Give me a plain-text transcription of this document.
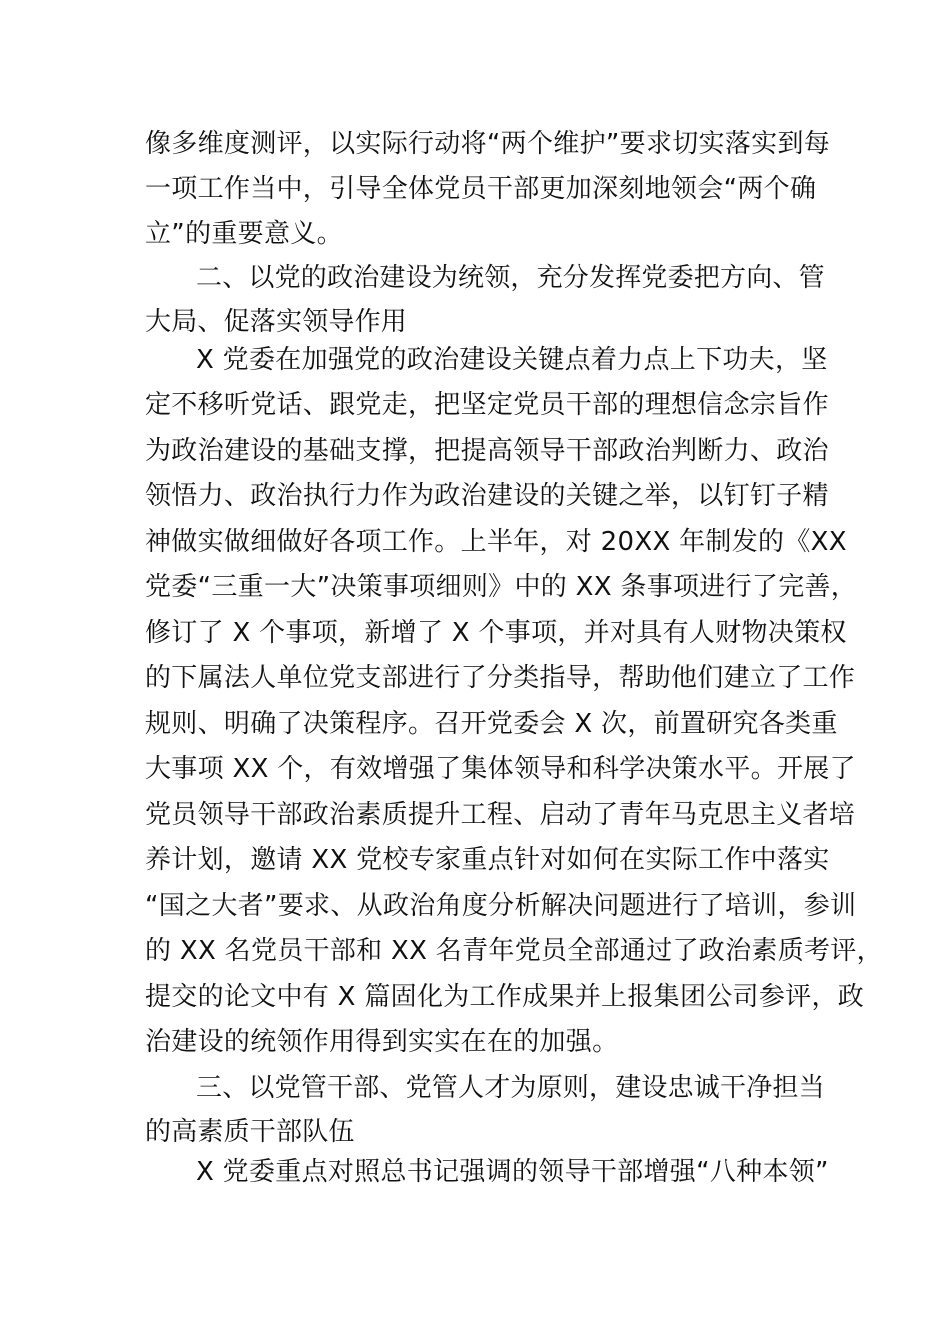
像多维度测评，以实际行动将“两个维护”要求切实落实到每
一项工作当中，引导全体党员干部更加深刻地领会“两个确
立”的重要意义。
二、以党的政治建设为统领，充分发挥党委把方向、管
大局、促落实领导作用
X 党委在加强党的政治建设关键点着力点上下功夫，坚
定不移听党话、跟党走，把坚定党员干部的理想信念宗旨作
为政治建设的基础支撑，把提高领导干部政治判断力、政治
领悟力、政治执行力作为政治建设的关键之举，以钉钉子精
神做实做细做好各项工作。上半年，对 20XX 年制发的《XX
党委“三重一大”决策事项细则》中的 XX 条事项进行了完善，
修订了 X 个事项，新增了 X 个事项，并对具有人财物决策权
的下属法人单位党支部进行了分类指导，帮助他们建立了工作
规则、明确了决策程序。召开党委会 X 次，前置研究各类重
大事项 XX 个，有效增强了集体领导和科学决策水平。开展了
党员领导干部政治素质提升工程、启动了青年马克思主义者培
养计划，邀请 XX 党校专家重点针对如何在实际工作中落实
“国之大者”要求、从政治角度分析解决问题进行了培训，参训
的 XX 名党员干部和 XX 名青年党员全部通过了政治素质考评，
提交的论文中有 X 篇固化为工作成果并上报集团公司参评，政
治建设的统领作用得到实实在在的加强。
三、以党管干部、党管人才为原则，建设忠诚干净担当
的高素质干部队伍
X 党委重点对照总书记强调的领导干部增强“八种本领”
